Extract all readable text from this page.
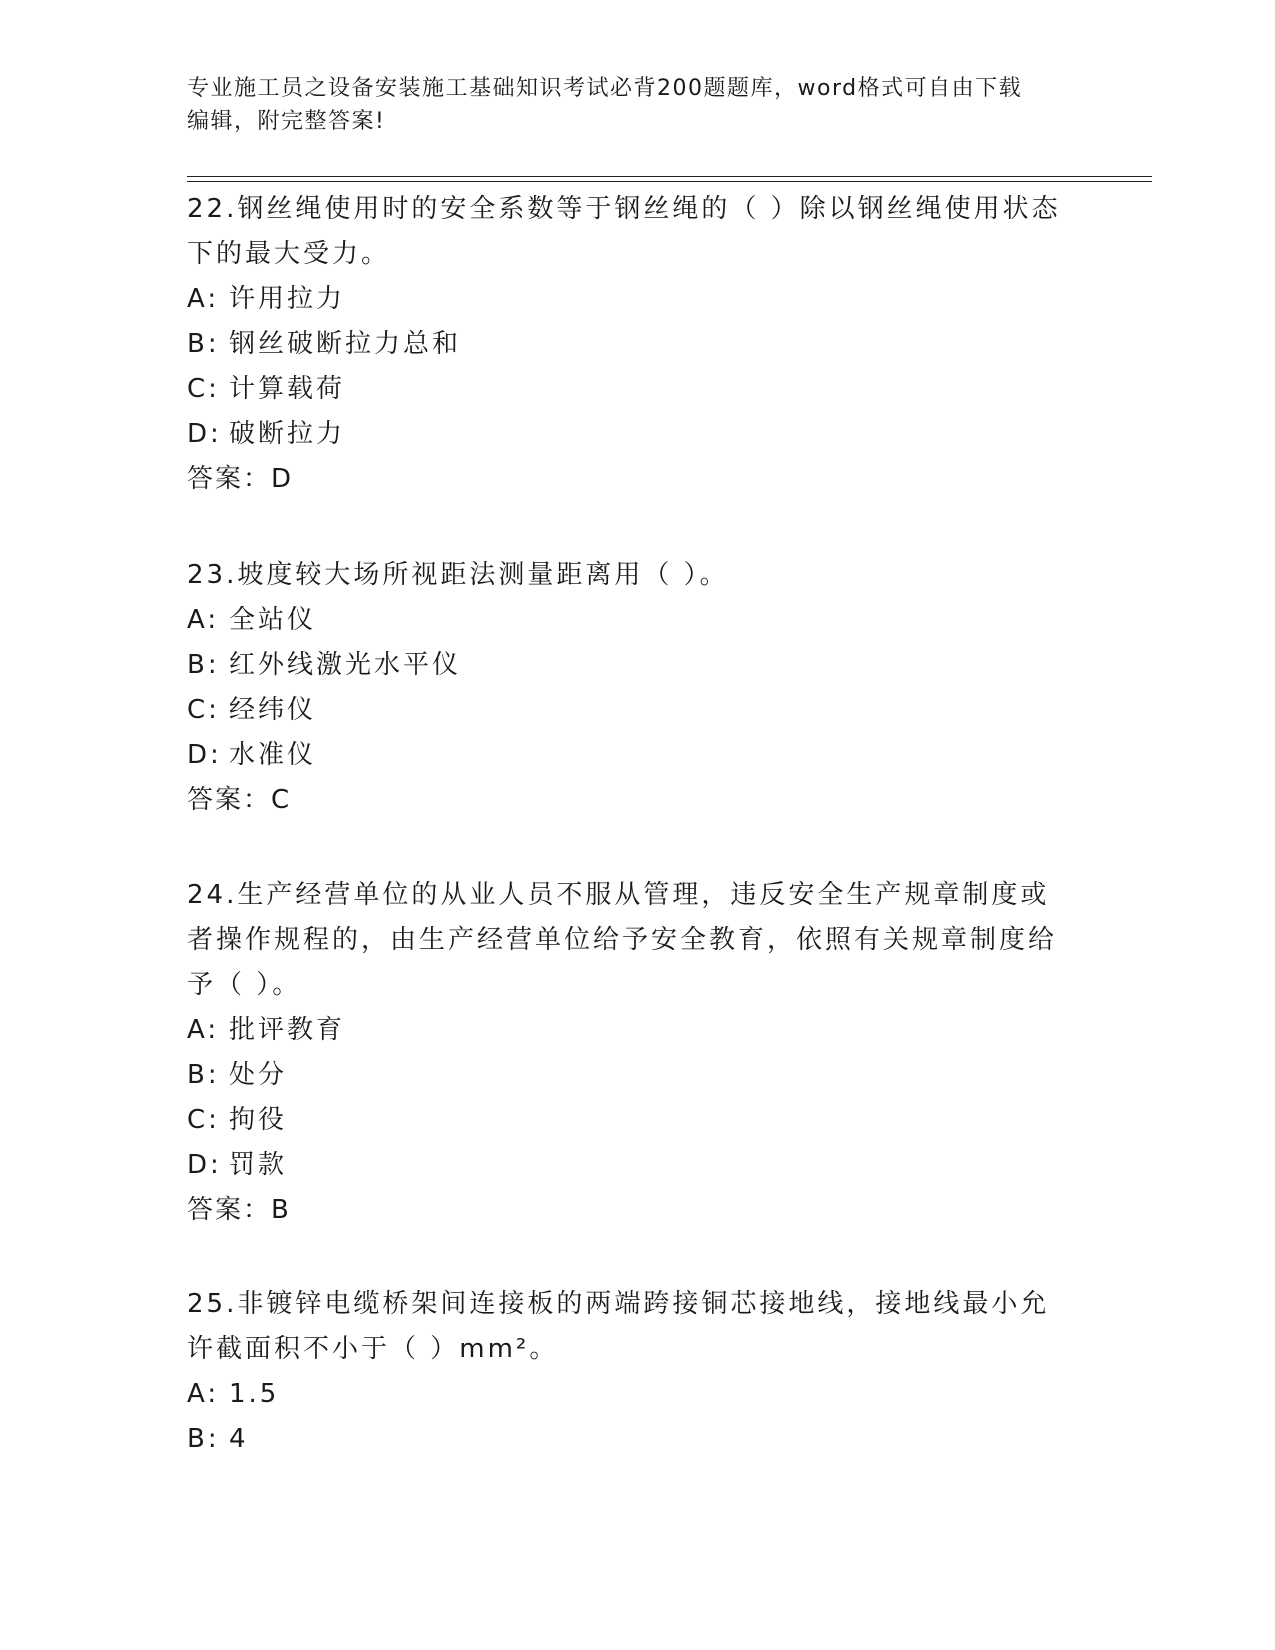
专业施工员之设备安装施工基础知识考试必背200题题库，word格式可自由下载
编辑，附完整答案!
22.钢丝绳使用时的安全系数等于钢丝绳的（ ）除以钢丝绳使用状态下的最大受力。
A: 许用拉力
B: 钢丝破断拉力总和
C: 计算载荷
D: 破断拉力
答案：D
23.坡度较大场所视距法测量距离用（ ）。
A: 全站仪
B: 红外线激光水平仪
C: 经纬仪
D: 水准仪
答案：C
24.生产经营单位的从业人员不服从管理，违反安全生产规章制度或者操作规程的，由生产经营单位给予安全教育，依照有关规章制度给予（ ）。
A: 批评教育
B: 处分
C: 拘役
D: 罚款
答案：B
25.非镀锌电缆桥架间连接板的两端跨接铜芯接地线，接地线最小允许截面积不小于（ ）mm²。
A: 1.5
B: 4
